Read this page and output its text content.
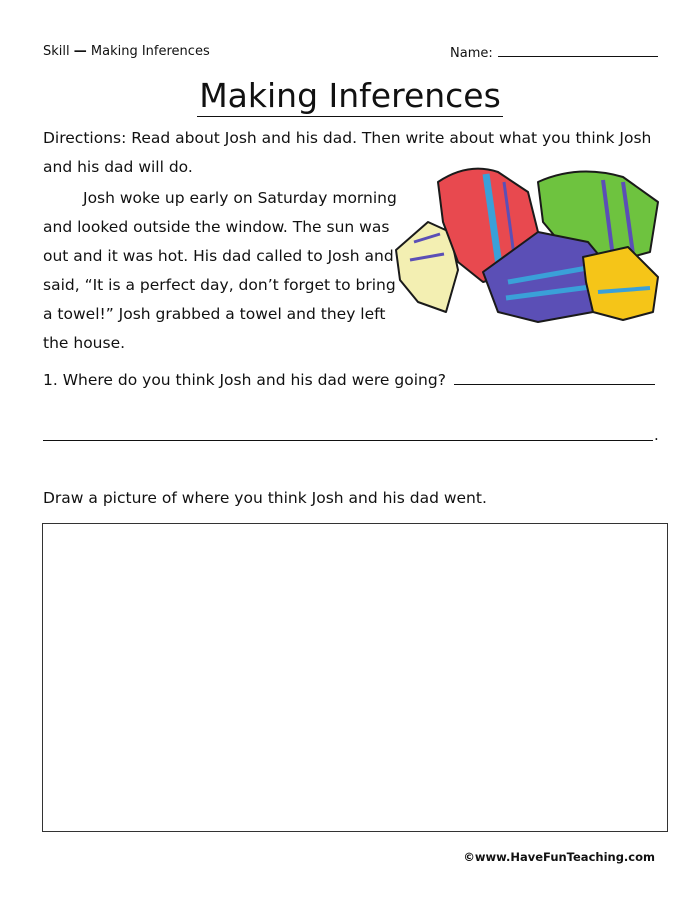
Skill — Making Inferences	Name:
Making Inferences
Directions: Read about Josh and his dad. Then write about what you think Josh and his dad will do.

Josh woke up early on Saturday morning and looked outside the window. The sun was out and it was hot. His dad called to Josh and said, “It is a perfect day, don’t forget to bring a towel!” Josh grabbed a towel and they left the house.

1. Where do you think Josh and his dad were going?
.
Draw a picture of where you think Josh and his dad went.
©www.HaveFunTeaching.com
